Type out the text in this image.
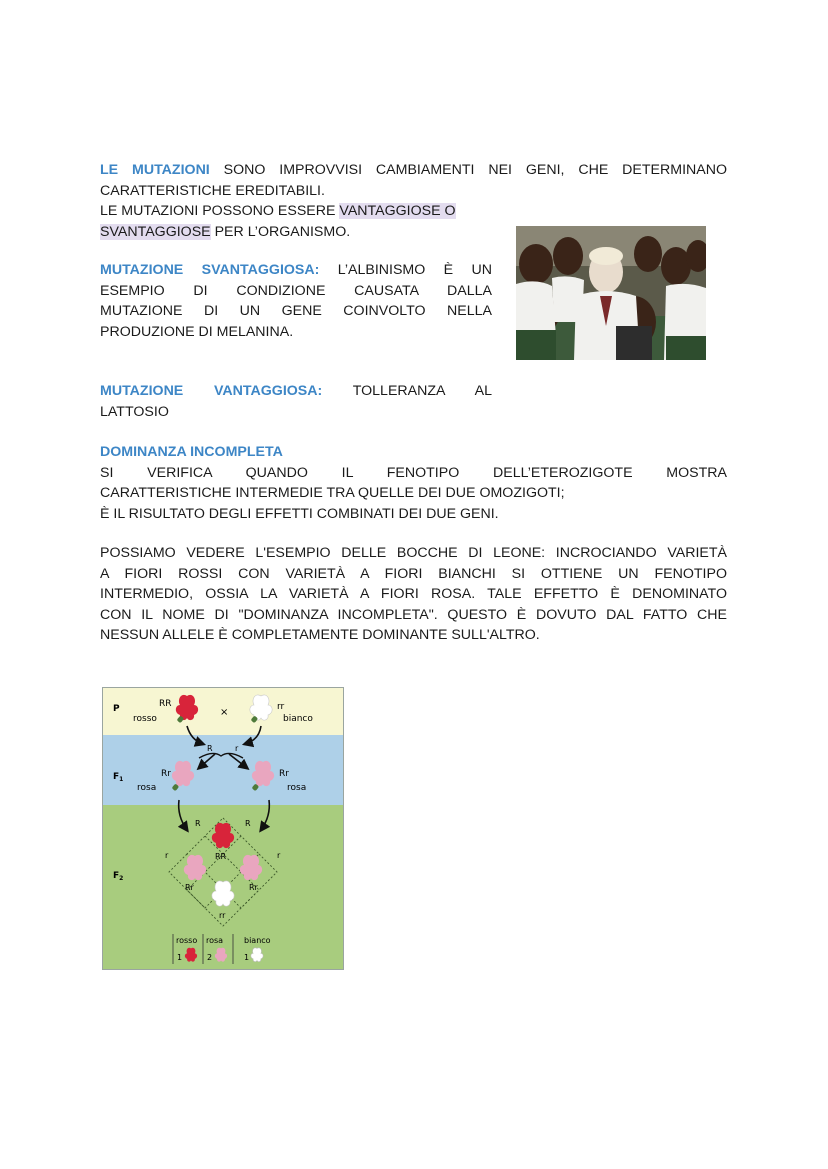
LE MUTAZIONI SONO IMPROVVISI CAMBIAMENTI NEI GENI, CHE DETERMINANO

CARATTERISTICHE EREDITABILI.

LE MUTAZIONI POSSONO ESSERE VANTAGGIOSE O

SVANTAGGIOSE PER L’ORGANISMO.

MUTAZIONE SVANTAGGIOSA: L’ALBINISMO È UN

ESEMPIO DI CONDIZIONE CAUSATA DALLA

MUTAZIONE DI UN GENE COINVOLTO NELLA

PRODUZIONE DI MELANINA.

MUTAZIONE VANTAGGIOSA: TOLLERANZA AL

LATTOSIO

DOMINANZA INCOMPLETA

SI VERIFICA QUANDO IL FENOTIPO DELL’ETEROZIGOTE MOSTRA

CARATTERISTICHE INTERMEDIE TRA QUELLE DEI DUE OMOZIGOTI;

È IL RISULTATO DEGLI EFFETTI COMBINATI DEI DUE GENI.

POSSIAMO VEDERE L'ESEMPIO DELLE BOCCHE DI LEONE: INCROCIANDO VARIETÀ

A FIORI ROSSI CON VARIETÀ A FIORI BIANCHI SI OTTIENE UN FENOTIPO

INTERMEDIO, OSSIA LA VARIETÀ A FIORI ROSA. TALE EFFETTO È DENOMINATO

CON IL NOME DI "DOMINANZA INCOMPLETA". QUESTO È DOVUTO DAL FATTO CHE

NESSUN ALLELE È COMPLETAMENTE DOMINANTE SULL'ALTRO.

P
$F_1$
$F_2$
RR
rosso
×	rr
bianco
R	r
Rr
rosa
Rr
rosa
R	R
r	r
RR
Rr	Rr
rr
rosso rosa	bianco
1	2	1
